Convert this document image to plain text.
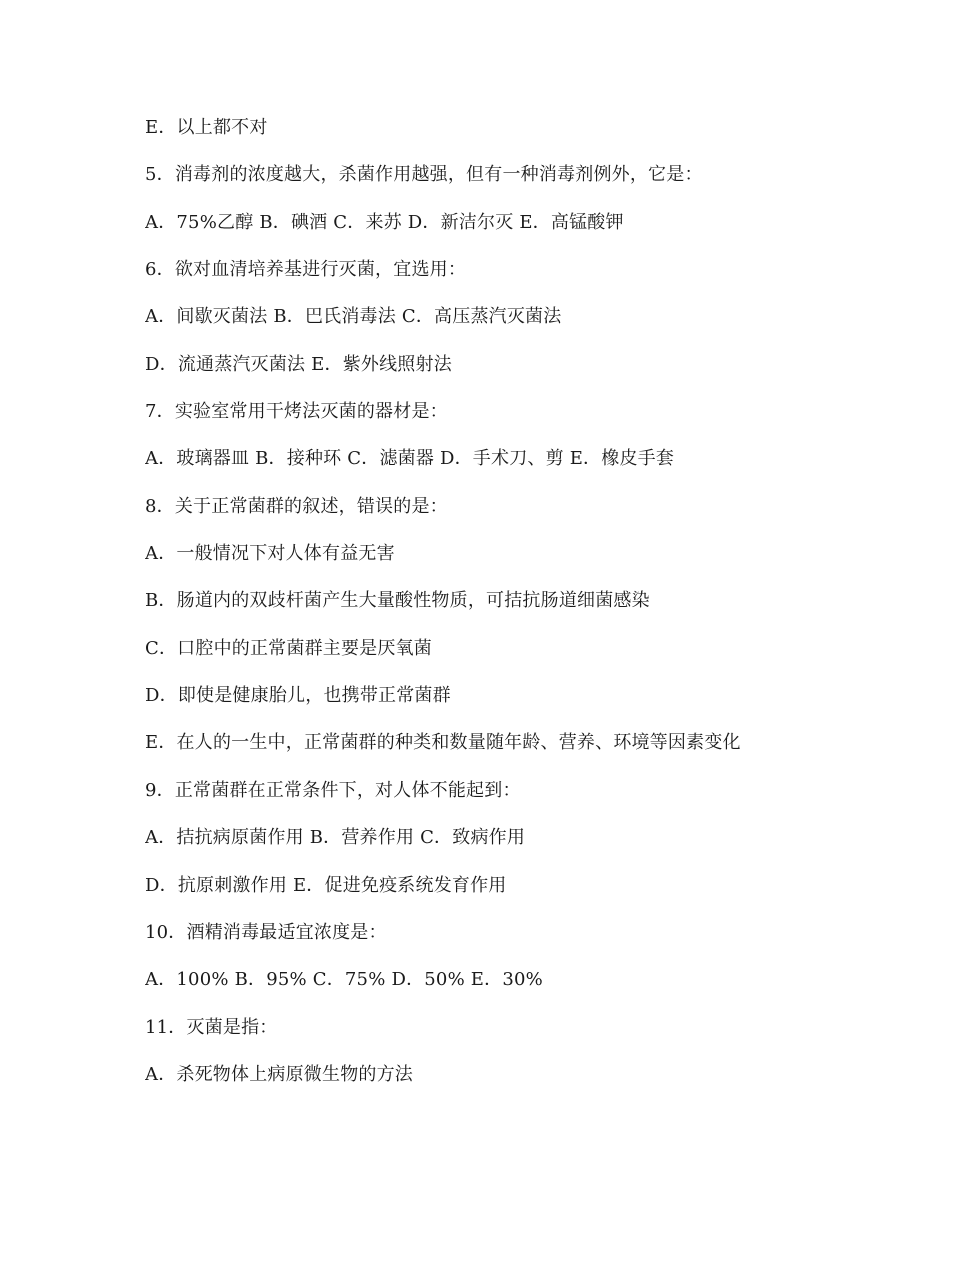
E．以上都不对
5．消毒剂的浓度越大，杀菌作用越强，但有一种消毒剂例外，它是：
A．75%乙醇 B．碘酒 C．来苏 D．新洁尔灭 E．高锰酸钾
6．欲对血清培养基进行灭菌，宜选用：
A．间歇灭菌法 B．巴氏消毒法 C．高压蒸汽灭菌法
D．流通蒸汽灭菌法 E．紫外线照射法
7．实验室常用干烤法灭菌的器材是：
A．玻璃器皿 B．接种环 C．滤菌器 D．手术刀、剪 E．橡皮手套
8．关于正常菌群的叙述，错误的是：
A．一般情况下对人体有益无害
B．肠道内的双歧杆菌产生大量酸性物质，可拮抗肠道细菌感染
C．口腔中的正常菌群主要是厌氧菌
D．即使是健康胎儿，也携带正常菌群
E．在人的一生中，正常菌群的种类和数量随年龄、营养、环境等因素变化
9．正常菌群在正常条件下，对人体不能起到：
A．拮抗病原菌作用 B．营养作用 C．致病作用
D．抗原刺激作用 E．促进免疫系统发育作用
10．酒精消毒最适宜浓度是：
A．100% B．95% C．75% D．50% E．30%
11．灭菌是指：
A．杀死物体上病原微生物的方法
